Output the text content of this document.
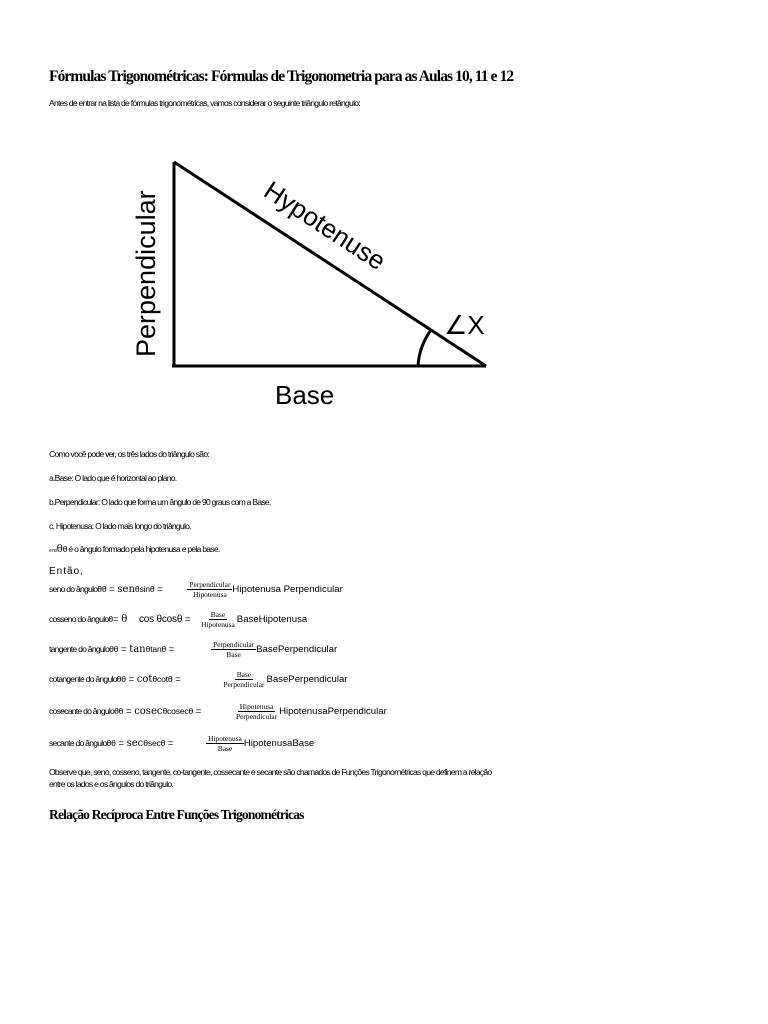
Fórmulas Trigonométricas: Fórmulas de Trigonometria para as Aulas 10, 11 e 12
Antes de entrar na lista de fórmulas trigonométricas, vamos considerar o seguinte triângulo retângulo:
Perpendicular	Hypotenuse
Base
∠X
Como você pode ver, os três lados do triângulo são:
a.Base: O lado que é horizontal ao plano.
b.Perpendicular: O lado que forma um ângulo de 90 graus com a Base.
c. Hipotenusa: O lado mais longo do triângulo.
e noθθ é o ângulo formado pela hipotenusa e pela base.
Então,
seno do ânguloθθ = senθsinθ =	$\frac{\text{Perpendicular}}{\text{Hipotenusa}}$ Hipotenusa Perpendicular
cosseno do ânguloθ= θ $\cos \theta\cos\theta = \frac{\text{Base}}{\text{Hipotenusa}}$ BaseHipotenusa
tangente do ânguloθθ = tanθtanθ =	$\frac{\text{Perpendicular}}{\text{Base}}$ BasePerpendicular
cotangente do ânguloθθ = cotθcotθ =	$\frac{\text{Base}}{\text{Perpendicular}}$ BasePerpendicular
cosecante do ânguloθθ = cosecθcosecθ =	$\frac{\text{Hipotenusa}}{\text{Perpendicular}}$ HipotenusaPerpendicular
secante do ânguloθθ = secθsecθ =	$\frac{\text{Hipotenusa}}{\text{Base}}$ HipotenusaBase
Observe que, seno, cosseno, tangente, co-tangente, cossecante e secante são chamados de Funções Trigonométricas que definem a relação
entre os lados e os ângulos do triângulo.
Relação Recíproca Entre Funções Trigonométricas
